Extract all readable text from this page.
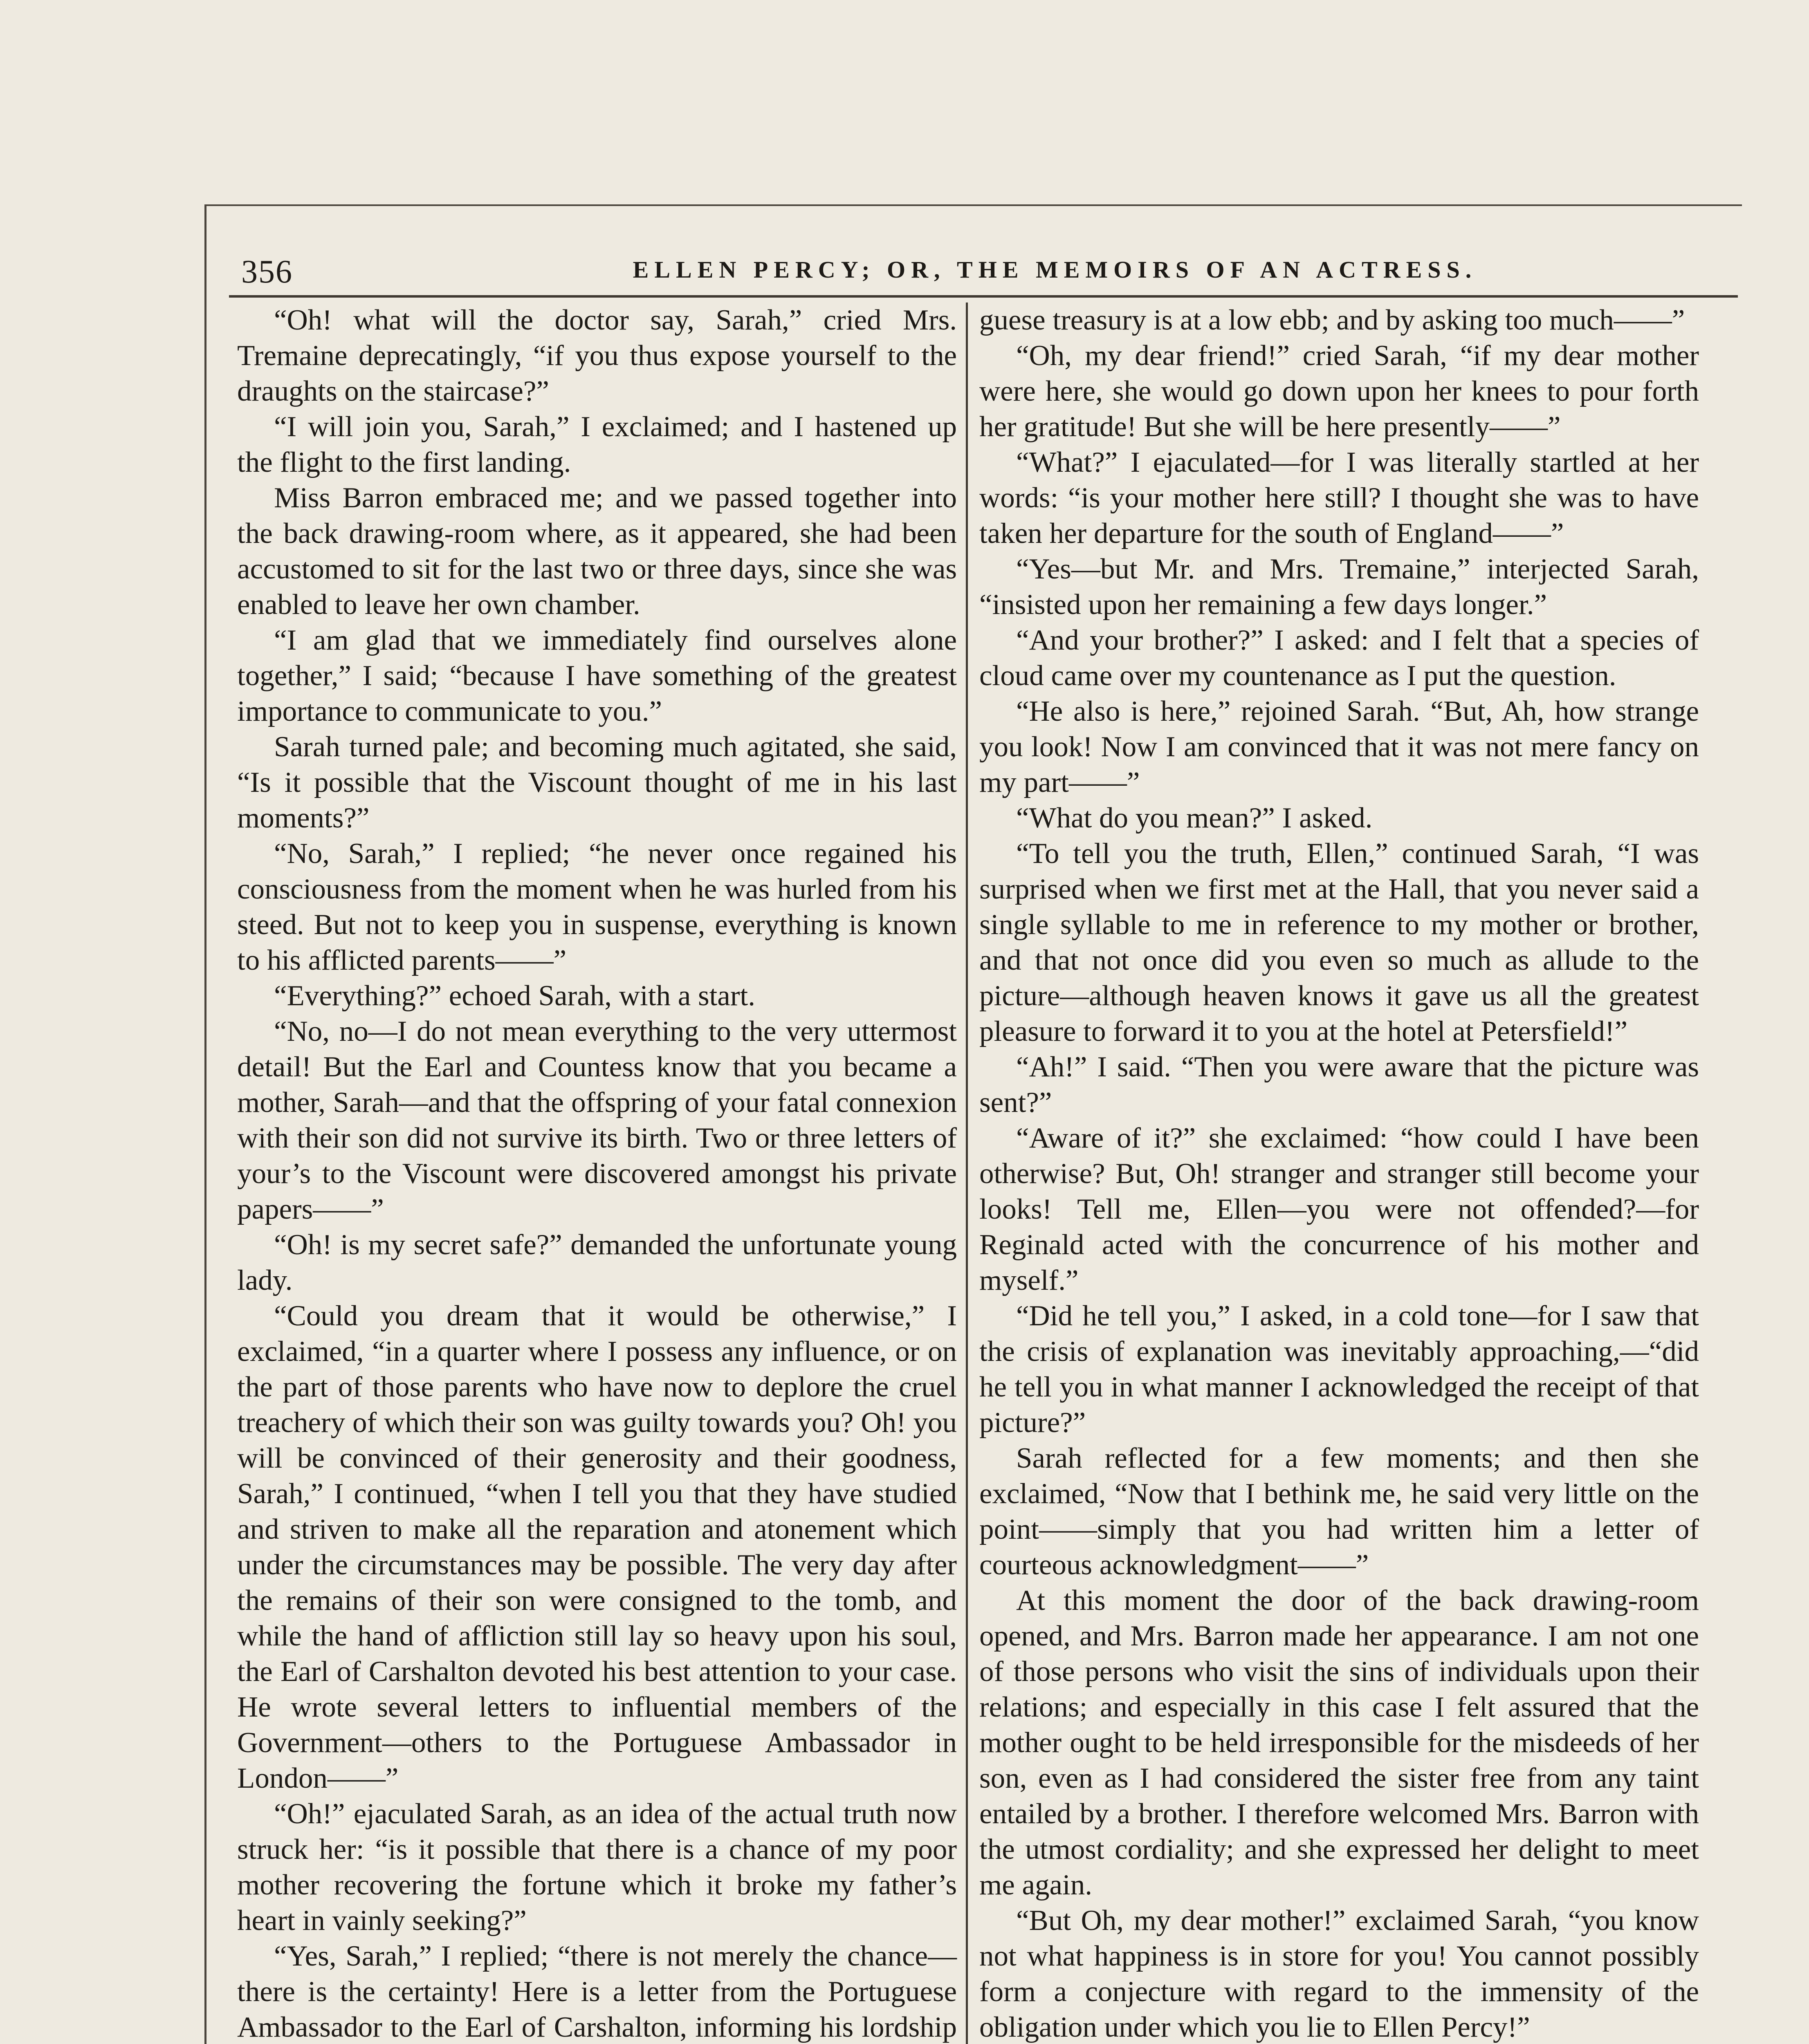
356	ELLEN PERCY; OR, THE MEMOIRS OF AN ACTRESS.

“Oh! what will the doctor say, Sarah,” cried Mrs. Tremaine deprecatingly, “if you thus expose yourself to the draughts on the staircase?”

“I will join you, Sarah,” I exclaimed; and I hastened up the flight to the first landing.

Miss Barron embraced me; and we passed together into the back drawing-room where, as it appeared, she had been accustomed to sit for the last two or three days, since she was enabled to leave her own chamber.

“I am glad that we immediately find ourselves alone together,” I said; “because I have something of the greatest importance to communicate to you.”

Sarah turned pale; and becoming much agitated, she said, “Is it possible that the Viscount thought of me in his last moments?”

“No, Sarah,” I replied; “he never once regained his consciousness from the moment when he was hurled from his steed. But not to keep you in suspense, everything is known to his afflicted parents——”

“Everything?” echoed Sarah, with a start.

“No, no—I do not mean everything to the very uttermost detail! But the Earl and Countess know that you became a mother, Sarah—and that the offspring of your fatal connexion with their son did not survive its birth. Two or three letters of your’s to the Viscount were discovered amongst his private papers——”

“Oh! is my secret safe?” demanded the unfortunate young lady.

“Could you dream that it would be otherwise,” I exclaimed, “in a quarter where I possess any influence, or on the part of those parents who have now to deplore the cruel treachery of which their son was guilty towards you? Oh! you will be convinced of their generosity and their goodness, Sarah,” I continued, “when I tell you that they have studied and striven to make all the reparation and atonement which under the circumstances may be possible. The very day after the remains of their son were consigned to the tomb, and while the hand of affliction still lay so heavy upon his soul, the Earl of Carshalton devoted his best attention to your case. He wrote several letters to influential members of the Government—others to the Portuguese Ambassador in London——”

“Oh!” ejaculated Sarah, as an idea of the actual truth now struck her: “is it possible that there is a chance of my poor mother recovering the fortune which it broke my father’s heart in vainly seeking?”

“Yes, Sarah,” I replied; “there is not merely the chance—there is the certainty! Here is a letter from the Portuguese Ambassador to the Earl of Carshalton, informing his lordship

guese treasury is at a low ebb; and by asking too much——”

“Oh, my dear friend!” cried Sarah, “if my dear mother were here, she would go down upon her knees to pour forth her gratitude! But she will be here presently——”

“What?” I ejaculated—for I was literally startled at her words: “is your mother here still? I thought she was to have taken her departure for the south of England——”

“Yes—but Mr. and Mrs. Tremaine,” interjected Sarah, “insisted upon her remaining a few days longer.”

“And your brother?” I asked: and I felt that a species of cloud came over my countenance as I put the question.

“He also is here,” rejoined Sarah. “But, Ah, how strange you look! Now I am convinced that it was not mere fancy on my part——”

“What do you mean?” I asked.

“To tell you the truth, Ellen,” continued Sarah, “I was surprised when we first met at the Hall, that you never said a single syllable to me in reference to my mother or brother, and that not once did you even so much as allude to the picture—although heaven knows it gave us all the greatest pleasure to forward it to you at the hotel at Petersfield!”

“Ah!” I said. “Then you were aware that the picture was sent?”

“Aware of it?” she exclaimed: “how could I have been otherwise? But, Oh! stranger and stranger still become your looks! Tell me, Ellen—you were not offended?—for Reginald acted with the concurrence of his mother and myself.”

“Did he tell you,” I asked, in a cold tone—for I saw that the crisis of explanation was inevitably approaching,—“did he tell you in what manner I acknowledged the receipt of that picture?”

Sarah reflected for a few moments; and then she exclaimed, “Now that I bethink me, he said very little on the point——simply that you had written him a letter of courteous acknowledgment——”

At this moment the door of the back drawing-room opened, and Mrs. Barron made her appearance. I am not one of those persons who visit the sins of individuals upon their relations; and especially in this case I felt assured that the mother ought to be held irresponsible for the misdeeds of her son, even as I had considered the sister free from any taint entailed by a brother. I therefore welcomed Mrs. Barron with the utmost cordiality; and she expressed her delight to meet me again.

“But Oh, my dear mother!” exclaimed Sarah, “you know not what happiness is in store for you! You cannot possibly form a conjecture with regard to the immensity of the obligation under which you lie to Ellen Percy!”
